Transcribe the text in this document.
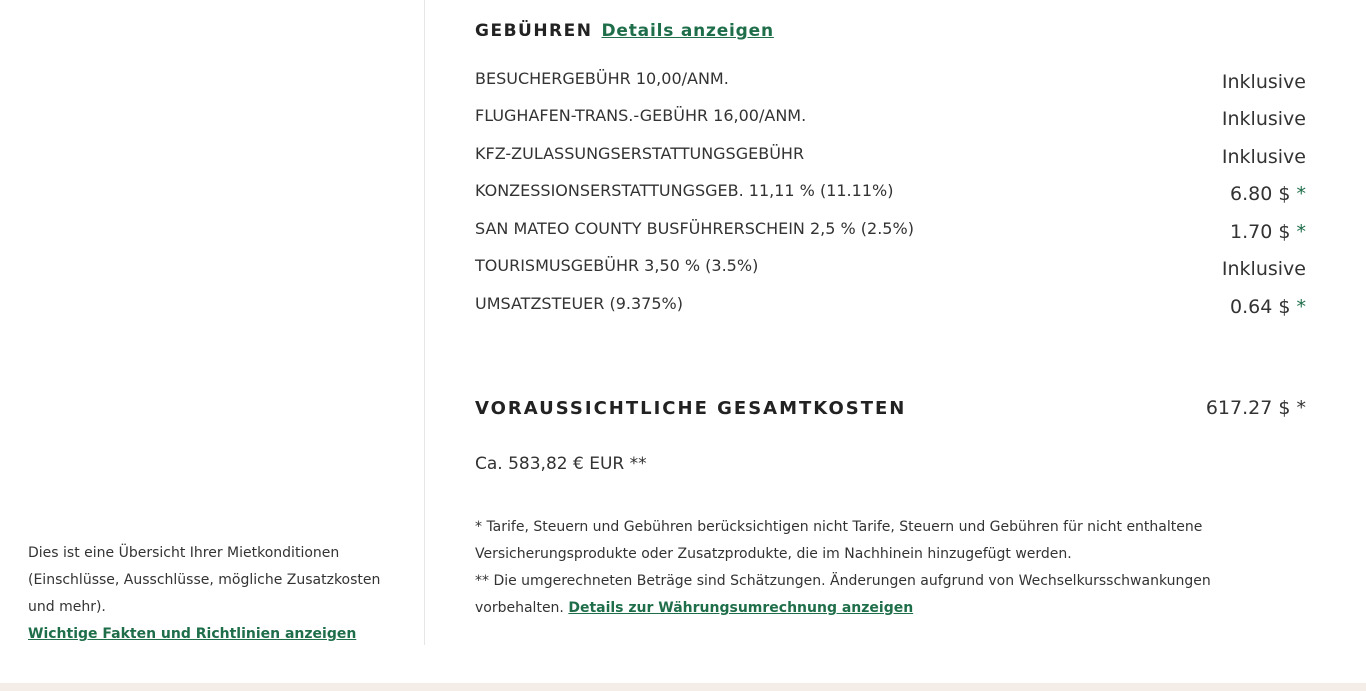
Dies ist eine Übersicht Ihrer Mietkonditionen (Einschlüsse, Ausschlüsse, mögliche Zusatzkosten und mehr).

Wichtige Fakten und Richtlinien anzeigen

GEBÜHREN Details anzeigen
BESUCHERGEBÜHR 10,00/ANM.	Inklusive
FLUGHAFEN-TRANS.-GEBÜHR 16,00/ANM.	Inklusive
KFZ-ZULASSUNGSERSTATTUNGSGEBÜHR	Inklusive
KONZESSIONSERSTATTUNGSGEB. 11,11 % (11.11%)	6.80 $ *
SAN MATEO COUNTY BUSFÜHRERSCHEIN 2,5 % (2.5%)	1.70 $ *
TOURISMUSGEBÜHR 3,50 % (3.5%)	Inklusive
UMSATZSTEUER (9.375%)	0.64 $ *
VORAUSSICHTLICHE GESAMTKOSTEN	617.27 $ *
Ca. 583,82 € EUR **

* Tarife, Steuern und Gebühren berücksichtigen nicht Tarife, Steuern und Gebühren für nicht enthaltene Versicherungsprodukte oder Zusatzprodukte, die im Nachhinein hinzugefügt werden.

** Die umgerechneten Beträge sind Schätzungen. Änderungen aufgrund von Wechselkursschwankungen vorbehalten. Details zur Währungsumrechnung anzeigen
